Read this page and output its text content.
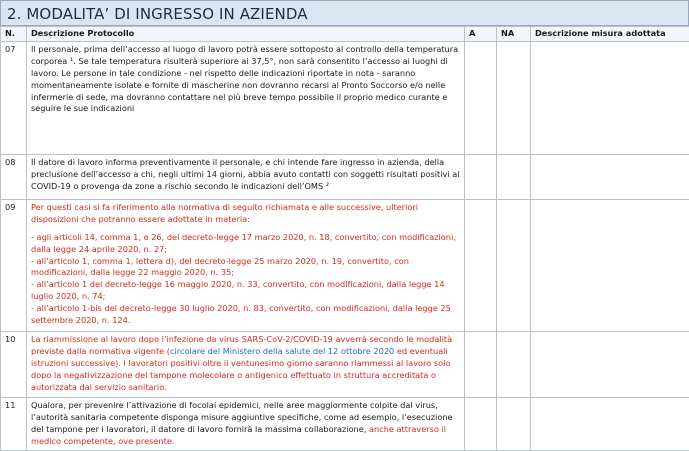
2. MODALITA’ DI INGRESSO IN AZIENDA
N.	Descrizione Protocollo	A	NA	Descrizione misura adottata
07	Il personale, prima dell’accesso al luogo di lavoro potrà essere sottoposto al controllo della temperatura corporea ¹. Se tale temperatura risulterà superiore ai 37,5°, non sarà consentito l’accesso ai luoghi di lavoro. Le persone in tale condizione - nel rispetto delle indicazioni riportate in nota - saranno momentaneamente isolate e fornite di mascherine non dovranno recarsi al Pronto Soccorso e/o nelle infermerie di sede, ma dovranno contattare nel più breve tempo possibile il proprio medico curante e seguire le sue indicazioni			

08	Il datore di lavoro informa preventivamente il personale, e chi intende fare ingresso in azienda, della preclusione dell’accesso a chi, negli ultimi 14 giorni, abbia avuto contatti con soggetti risultati positivi al COVID-19 o provenga da zone a rischio secondo le indicazioni dell’OMS ²			

09	Per questi casi si fa riferimento alla normativa di seguito richiamata e alle successive, ulteriori disposizioni che potranno essere adottate in materia:

- agli articoli 14, comma 1, e 26, del decreto-legge 17 marzo 2020, n. 18, convertito, con modificazioni, dalla legge 24 aprile 2020, n. 27;

- all’articolo 1, comma 1, lettera d), del decreto-legge 25 marzo 2020, n. 19, convertito, con modificazioni, dalla legge 22 maggio 2020, n. 35;

- all’articolo 1 del decreto-legge 16 maggio 2020, n. 33, convertito, con modificazioni, dalla legge 14 luglio 2020, n. 74;

- all’articolo 1-bis del decreto-legge 30 luglio 2020, n. 83, convertito, con modificazioni, dalla legge 25 settembre 2020, n. 124.			

10	La riammissione al lavoro dopo l’infezione da virus SARS-CoV-2/COVID-19 avverrà secondo le modalità previste dalla normativa vigente (circolare del Ministero della salute del 12 ottobre 2020 ed eventuali istruzioni successive). I lavoratori positivi oltre il ventunesimo giorno saranno riammessi al lavoro solo dopo la negativizzazione del tampone molecolare o antigenico effettuato in struttura accreditata o autorizzata dal servizio sanitario.			
11	Qualora, per prevenire l’attivazione di focolai epidemici, nelle aree maggiormente colpite dal virus, l’autorità sanitaria competente disponga misure aggiuntive specifiche, come ad esempio, l’esecuzione del tampone per i lavoratori, il datore di lavoro fornirà la massima collaborazione, anche attraverso il medico competente, ove presente.			
